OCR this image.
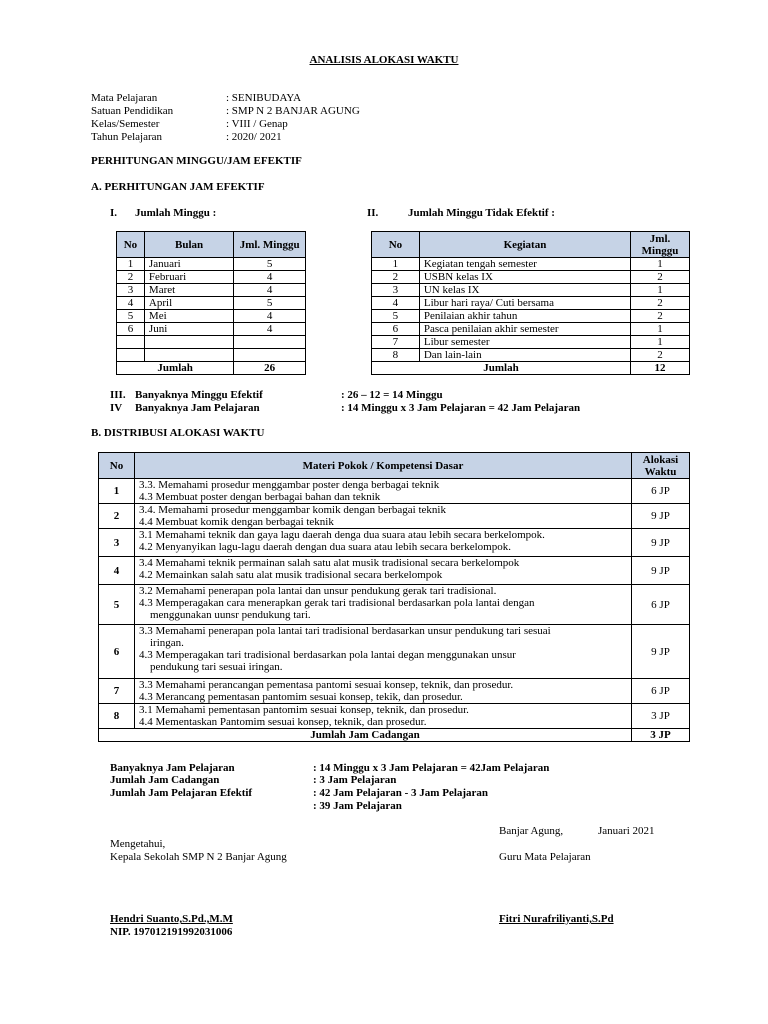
ANALISIS ALOKASI WAKTU
Mata Pelajaran	: SENIBUDAYA
Satuan Pendidikan	: SMP N 2 BANJAR AGUNG
Kelas/Semester	: VIII / Genap
Tahun Pelajaran	: 2020/ 2021
PERHITUNGAN MINGGU/JAM EFEKTIF
A. PERHITUNGAN JAM EFEKTIF
I. Jumlah Minggu :	II.	Jumlah Minggu Tidak Efektif :
No	Bulan	Jml. Minggu
1	Januari	5
2	Februari	4
3	Maret	4
4	April	5
5	Mei	4
6	Juni	4

Jumlah		26
No	Kegiatan	Jml. Minggu
1	Kegiatan tengah semester	1
2	USBN kelas IX	2
3	UN kelas IX	1
4	Libur hari raya/ Cuti bersama	2
5	Penilaian akhir tahun	2
6	Pasca penilaian akhir semester	1
7	Libur semester	1
8	Dan lain-lain	2
Jumlah		12
III. Banyaknya Minggu Efektif	: 26 – 12 = 14 Minggu
IV Banyaknya Jam Pelajaran	: 14 Minggu x 3 Jam Pelajaran = 42 Jam Pelajaran
B. DISTRIBUSI ALOKASI WAKTU
No	Materi Pokok / Kompetensi Dasar	Alokasi Waktu
1	3.3. Memahami prosedur menggambar poster denga berbagai teknik
4.3 Membuat poster dengan berbagai bahan dan teknik	6 JP
2	3.4. Memahami prosedur menggambar komik dengan berbagai teknik
4.4 Membuat komik dengan berbagai teknik	9 JP
3	3.1 Memahami teknik dan gaya lagu daerah denga dua suara atau lebih secara berkelompok.
4.2 Menyanyikan lagu-lagu daerah dengan dua suara atau lebih secara berkelompok.	9 JP
4	3.4 Memahami teknik permainan salah satu alat musik tradisional secara berkelompok
4.2 Memainkan salah satu alat musik tradisional secara berkelompok	9 JP
5	3.2 Memahami penerapan pola lantai dan unsur pendukung gerak tari tradisional.
4.3 Memperagakan cara menerapkan gerak tari tradisional berdasarkan pola lantai dengan
menggunakan uunsr pendukung tari.	6 JP
6	3.3 Memahami penerapan pola lantai tari tradisional berdasarkan unsur pendukung tari sesuai
iringan.
4.3 Memperagakan tari tradisional berdasarkan pola lantai degan menggunakan unsur
pendukung tari sesuai iringan.	9 JP
7	3.3 Memahami perancangan pementasa pantomi sesuai konsep, teknik, dan prosedur.
4.3 Merancang pementasan pantomim sesuai konsep, tekik, dan prosedur.	6 JP
8	3.1 Memahami pementasan pantomim sesuai konsep, teknik, dan prosedur.
4.4 Mementaskan Pantomim sesuai konsep, teknik, dan prosedur.	3 JP
Jumlah Jam Cadangan		3 JP
Banyaknya Jam Pelajaran	: 14 Minggu x 3 Jam Pelajaran = 42Jam Pelajaran
Jumlah Jam Cadangan	: 3 Jam Pelajaran
Jumlah Jam Pelajaran Efektif	: 42 Jam Pelajaran - 3 Jam Pelajaran
: 39 Jam Pelajaran
Banjar Agung,	Januari 2021
Mengetahui,
Kepala Sekolah SMP N 2 Banjar Agung	Guru Mata Pelajaran
Hendri Suanto,S.Pd.,M.M
NIP. 197012191992031006
Fitri Nurafriliyanti,S.Pd
